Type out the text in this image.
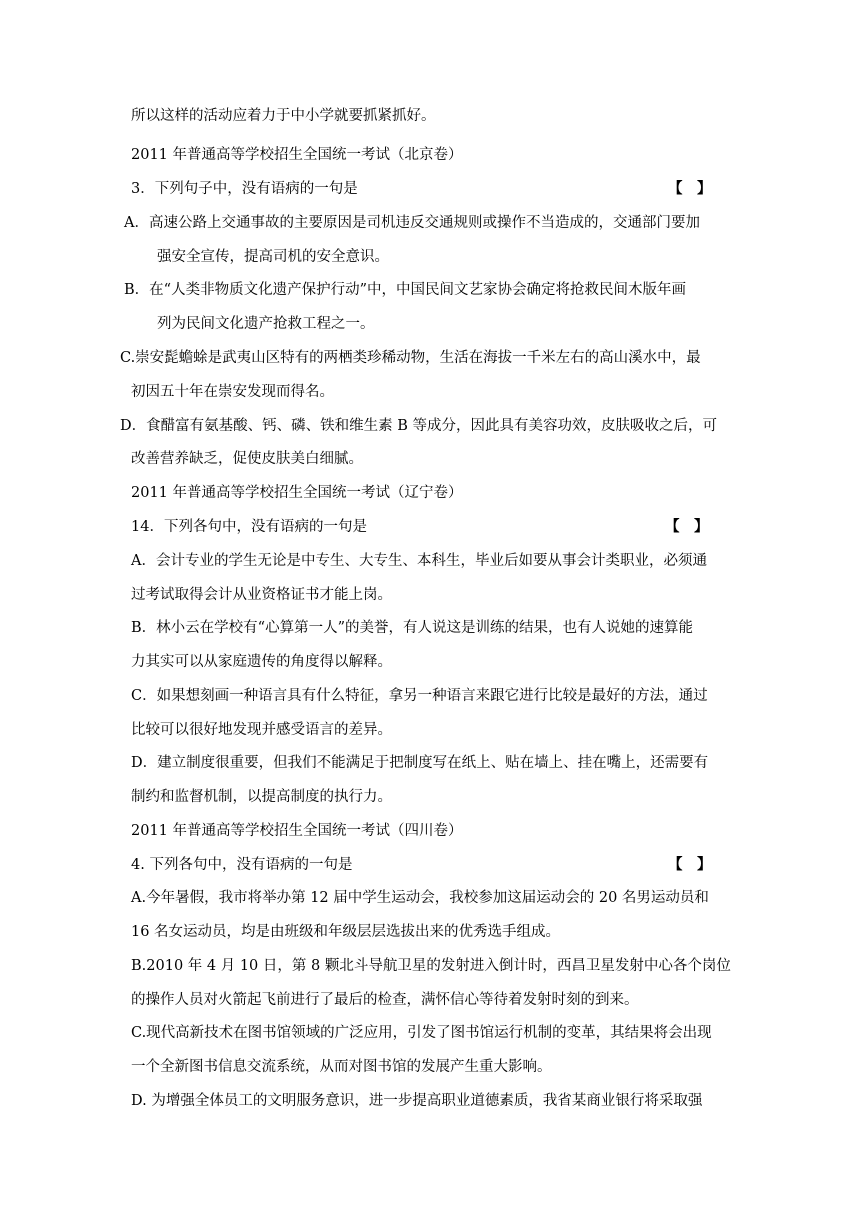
所以这样的活动应着力于中小学就要抓紧抓好。
2011 年普通高等学校招生全国统一考试（北京卷）
3．下列句子中，没有语病的一句是	【　】
A．高速公路上交通事故的主要原因是司机违反交通规则或操作不当造成的，交通部门要加
强安全宣传，提高司机的安全意识。
B．在“人类非物质文化遗产保护行动”中，中国民间文艺家协会确定将抢救民间木版年画
列为民间文化遗产抢救工程之一。
C.崇安髭蟾蜍是武夷山区特有的两栖类珍稀动物，生活在海拔一千米左右的高山溪水中，最
初因五十年在崇安发现而得名。
D．食醋富有氨基酸、钙、磷、铁和维生素 B 等成分，因此具有美容功效，皮肤吸收之后，可
改善营养缺乏，促使皮肤美白细腻。
2011 年普通高等学校招生全国统一考试（辽宁卷）
14．下列各句中，没有语病的一句是	【　】
A．会计专业的学生无论是中专生、大专生、本科生，毕业后如要从事会计类职业，必须通
过考试取得会计从业资格证书才能上岗。
B．林小云在学校有“心算第一人”的美誉，有人说这是训练的结果，也有人说她的速算能
力其实可以从家庭遗传的角度得以解释。
C．如果想刻画一种语言具有什么特征，拿另一种语言来跟它进行比较是最好的方法，通过
比较可以很好地发现并感受语言的差异。
D．建立制度很重要，但我们不能满足于把制度写在纸上、贴在墙上、挂在嘴上，还需要有
制约和监督机制，以提高制度的执行力。
2011 年普通高等学校招生全国统一考试（四川卷）
4. 下列各句中，没有语病的一句是	【　】
A.今年暑假，我市将举办第 12 届中学生运动会，我校参加这届运动会的 20 名男运动员和
16 名女运动员，均是由班级和年级层层选拔出来的优秀选手组成。
B.2010 年 4 月 10 日，第 8 颗北斗导航卫星的发射进入倒计时，西昌卫星发射中心各个岗位
的操作人员对火箭起飞前进行了最后的检查，满怀信心等待着发射时刻的到来。
C.现代高新技术在图书馆领域的广泛应用，引发了图书馆运行机制的变革，其结果将会出现
一个全新图书信息交流系统，从而对图书馆的发展产生重大影响。
D. 为增强全体员工的文明服务意识，进一步提高职业道德素质，我省某商业银行将采取强
